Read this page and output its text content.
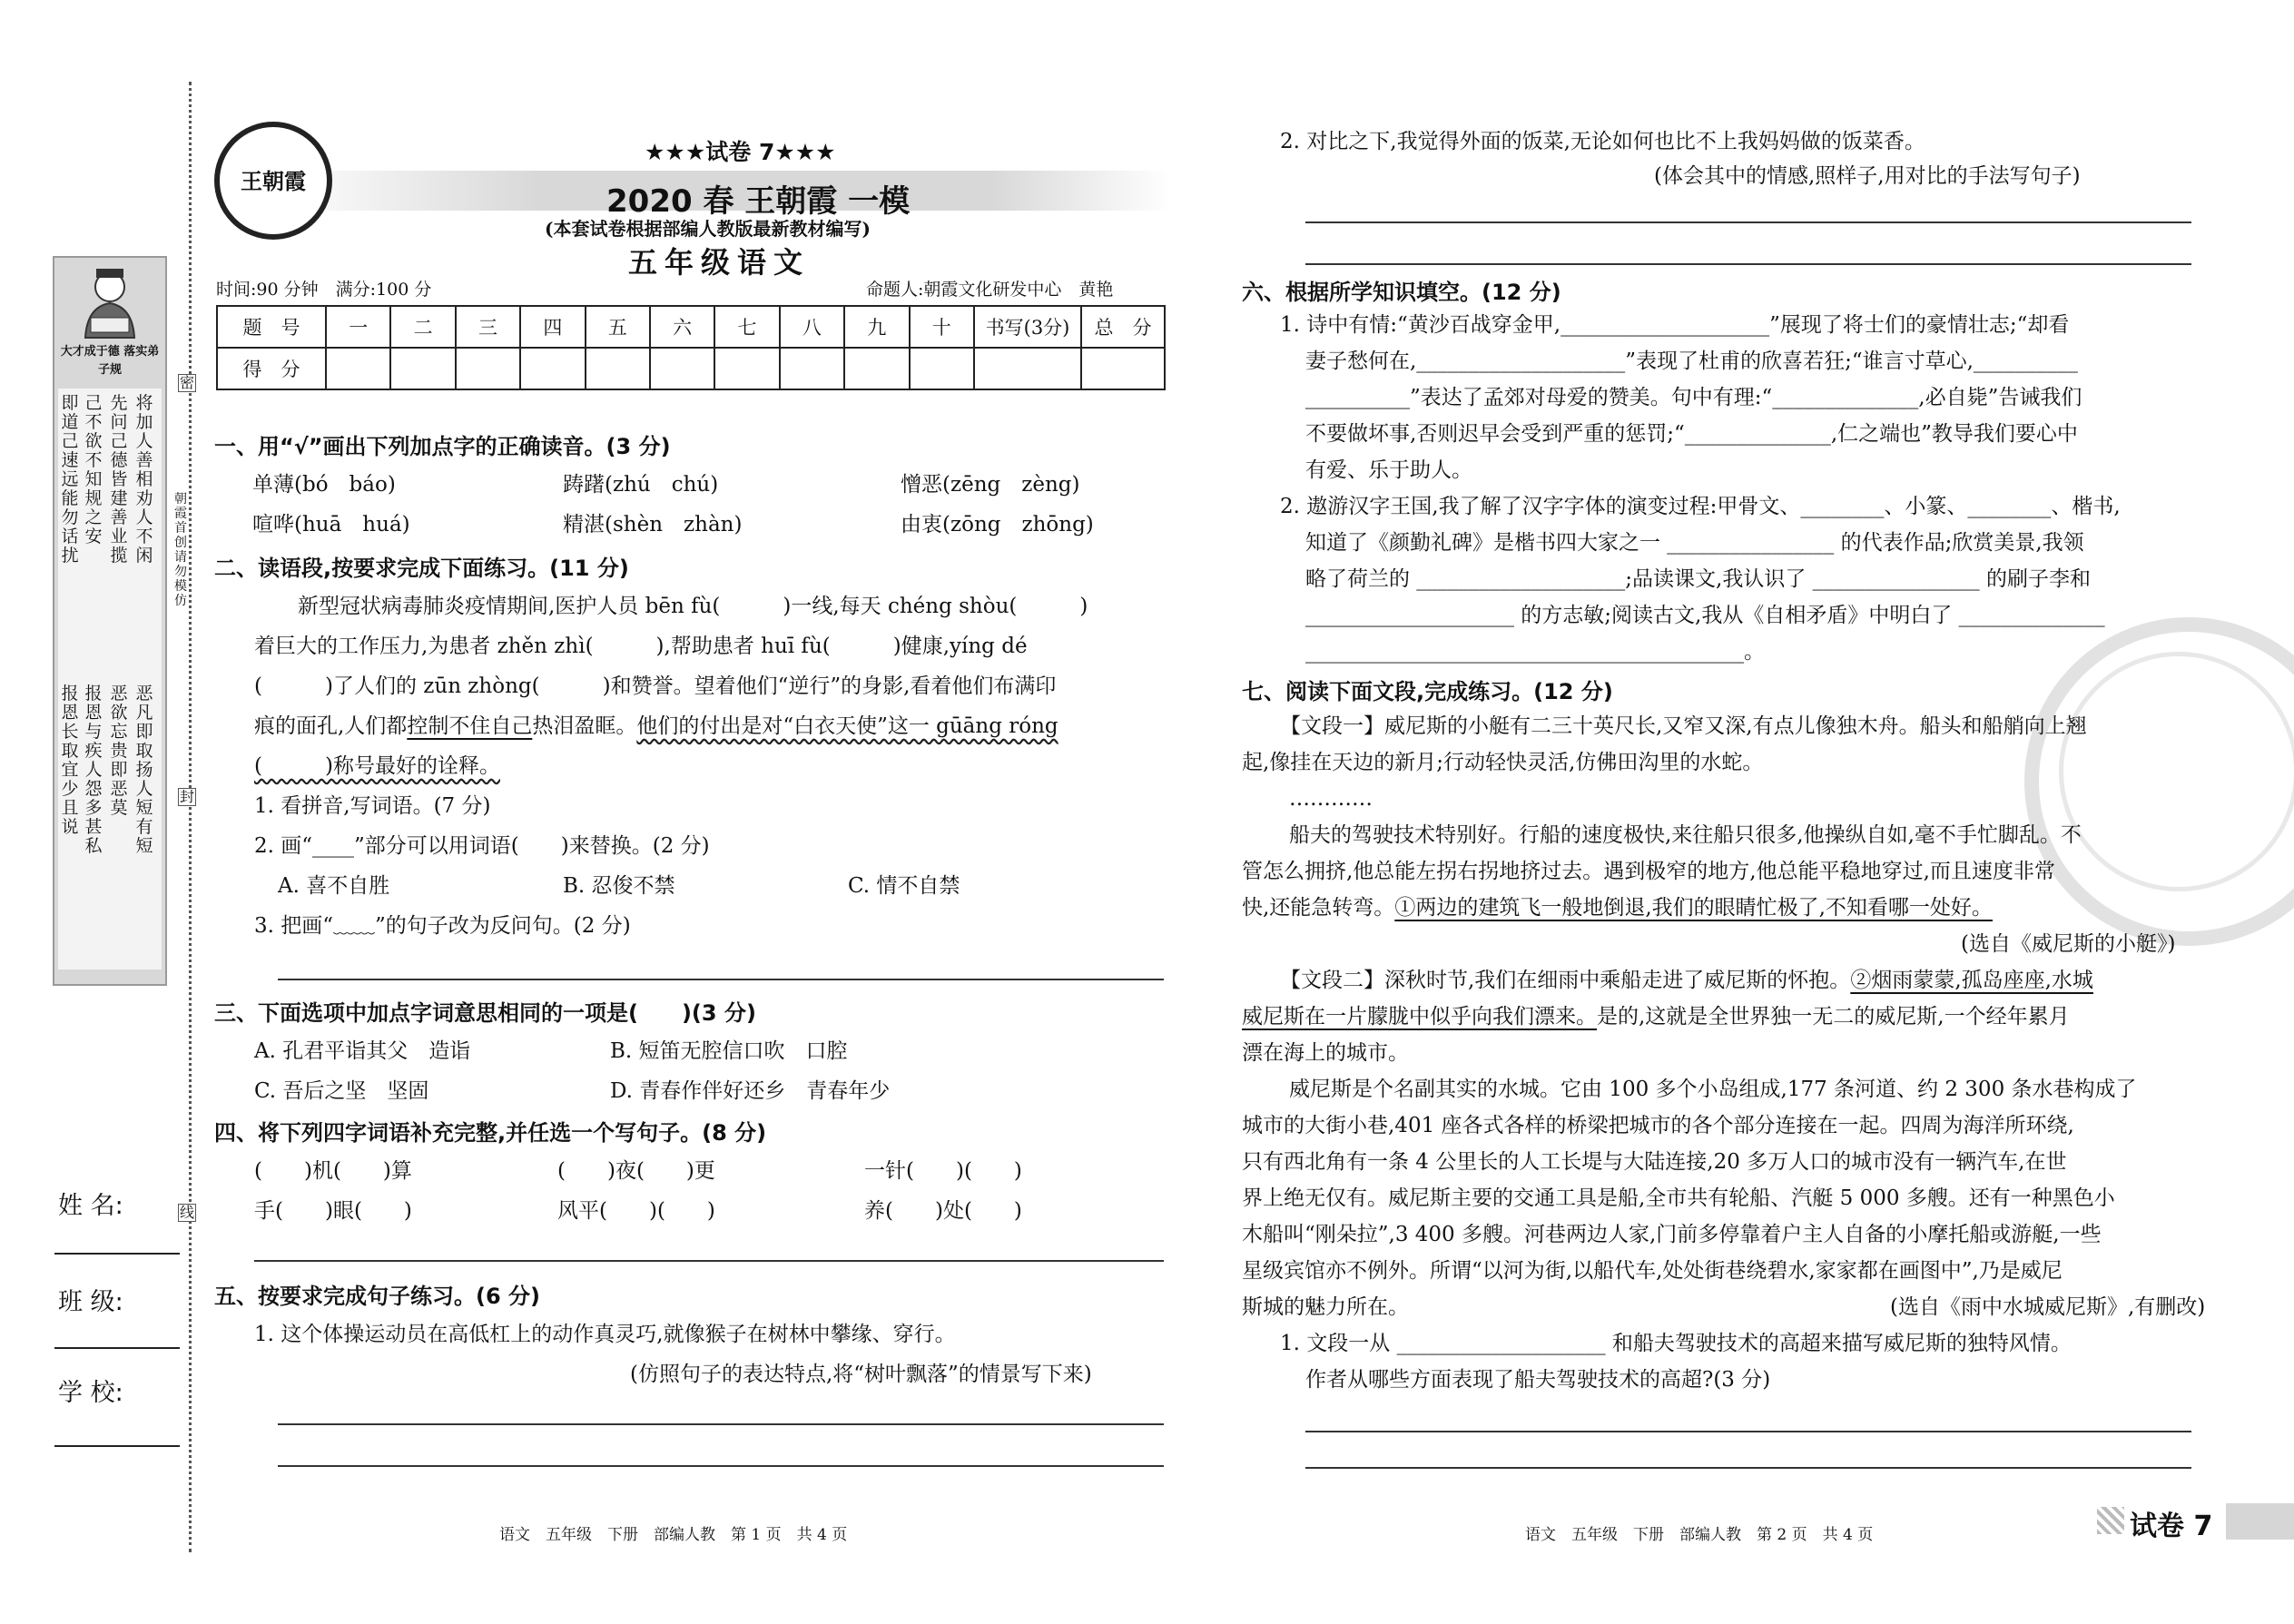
大才成于德 落实弟子规
将加人善相劝人不闲
先问己德皆建善业揽
己不欲不知规之安
即道己速远能勿话扰
恶凡即取扬人短有短
恶欲忘贵即恶莫
报恩与疾人怨多甚私
报恩长取宜少且说
密
封
线
朝霞首创 请勿模仿
姓 名:
班 级:
学 校:
王朝霞
★★★试卷 7★★★
2020 春 王朝霞 一模
(本套试卷根据部编人教版最新教材编写)
五年级语文
时间:90 分钟　满分:100 分	命题人:朝霞文化研发中心　黄艳
题　号	一	二	三	四	五	六	七	八	九	十	书写(3分)	总　分
得　分												
一、用“√”画出下列加点字的正确读音。(3 分)
单薄(bó　báo)	踌躇(zhú　chú)	憎恶(zēng　zèng)
喧哗(huā　huá)	精湛(shèn　zhàn)	由衷(zōng　zhōng)
二、读语段,按要求完成下面练习。(11 分)
新型冠状病毒肺炎疫情期间,医护人员 bēn fù(　　　)一线,每天 chéng shòu(　　　)
着巨大的工作压力,为患者 zhěn zhì(　　　),帮助患者 huī fù(　　　)健康,yíng dé
(　　　)了人们的 zūn zhòng(　　　)和赞誉。望着他们“逆行”的身影,看着他们布满印
痕的面孔,人们都控制不住自己热泪盈眶。他们的付出是对“白衣天使”这一 gūāng róng
(　　　)称号最好的诠释。
1. 看拼音,写词语。(7 分)
2. 画“____”部分可以用词语(　　)来替换。(2 分)
A. 喜不自胜	B. 忍俊不禁	C. 情不自禁
3. 把画“﹏﹏”的句子改为反问句。(2 分)
三、下面选项中加点字词意思相同的一项是(　　)(3 分)
A. 孔君平诣其父　造诣	B. 短笛无腔信口吹　口腔
C. 吾后之坚　坚固	D. 青春作伴好还乡　青春年少
四、将下列四字词语补充完整,并任选一个写句子。(8 分)
(　　)机(　　)算	(　　)夜(　　)更	一针(　　)(　　)
手(　　)眼(　　)	风平(　　)(　　)	养(　　)处(　　)
五、按要求完成句子练习。(6 分)
1. 这个体操运动员在高低杠上的动作真灵巧,就像猴子在树林中攀缘、穿行。
(仿照句子的表达特点,将“树叶飘落”的情景写下来)
语文　五年级　下册　部编人教　第 1 页　共 4 页
2. 对比之下,我觉得外面的饭菜,无论如何也比不上我妈妈做的饭菜香。
(体会其中的情感,照样子,用对比的手法写句子)
六、根据所学知识填空。(12 分)
1. 诗中有情:“黄沙百战穿金甲,____________________”展现了将士们的豪情壮志;“却看
妻子愁何在,____________________”表现了杜甫的欣喜若狂;“谁言寸草心,__________
__________”表达了孟郊对母爱的赞美。句中有理:“______________,必自毙”告诫我们
不要做坏事,否则迟早会受到严重的惩罚;“______________,仁之端也”教导我们要心中
有爱、乐于助人。
2. 遨游汉字王国,我了解了汉字字体的演变过程:甲骨文、________、小篆、________、楷书,
知道了《颜勤礼碑》是楷书四大家之一 ________________ 的代表作品;欣赏美景,我领
略了荷兰的 ____________________;品读课文,我认识了 ________________ 的刷子李和
____________________ 的方志敏;阅读古文,我从《自相矛盾》中明白了 ______________
__________________________________________。
七、阅读下面文段,完成练习。(12 分)
【文段一】威尼斯的小艇有二三十英尺长,又窄又深,有点儿像独木舟。船头和船艄向上翘
起,像挂在天边的新月;行动轻快灵活,仿佛田沟里的水蛇。
…………
船夫的驾驶技术特别好。行船的速度极快,来往船只很多,他操纵自如,毫不手忙脚乱。不
管怎么拥挤,他总能左拐右拐地挤过去。遇到极窄的地方,他总能平稳地穿过,而且速度非常
快,还能急转弯。①两边的建筑飞一般地倒退,我们的眼睛忙极了,不知看哪一处好。
(选自《威尼斯的小艇》)
【文段二】深秋时节,我们在细雨中乘船走进了威尼斯的怀抱。②烟雨蒙蒙,孤岛座座,水城
威尼斯在一片朦胧中似乎向我们漂来。是的,这就是全世界独一无二的威尼斯,一个经年累月
漂在海上的城市。
威尼斯是个名副其实的水城。它由 100 多个小岛组成,177 条河道、约 2 300 条水巷构成了
城市的大街小巷,401 座各式各样的桥梁把城市的各个部分连接在一起。四周为海洋所环绕,
只有西北角有一条 4 公里长的人工长堤与大陆连接,20 多万人口的城市没有一辆汽车,在世
界上绝无仅有。威尼斯主要的交通工具是船,全市共有轮船、汽艇 5 000 多艘。还有一种黑色小
木船叫“刚朵拉”,3 400 多艘。河巷两边人家,门前多停靠着户主人自备的小摩托船或游艇,一些
星级宾馆亦不例外。所谓“以河为街,以船代车,处处街巷绕碧水,家家都在画图中”,乃是威尼
斯城的魅力所在。	(选自《雨中水城威尼斯》,有删改)
1. 文段一从 ____________________ 和船夫驾驶技术的高超来描写威尼斯的独特风情。
作者从哪些方面表现了船夫驾驶技术的高超?(3 分)
语文　五年级　下册　部编人教　第 2 页　共 4 页	试卷 7
